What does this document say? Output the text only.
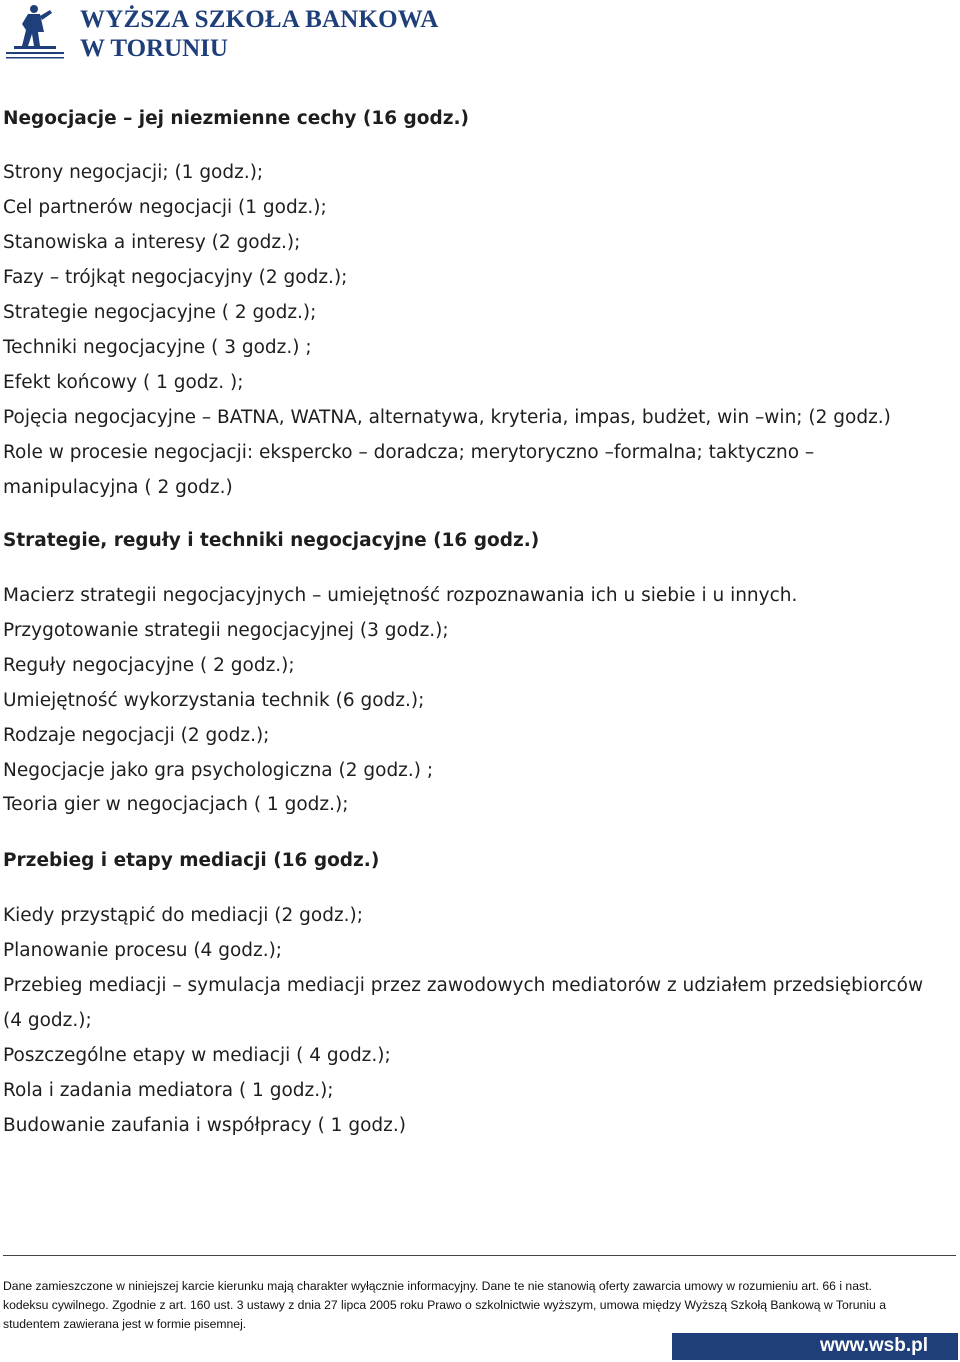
WYŻSZA SZKOŁA BANKOWA
W TORUNIU
Negocjacje – jej niezmienne cechy (16 godz.)
Strony negocjacji; (1 godz.);
Cel partnerów negocjacji (1 godz.);
Stanowiska a interesy (2 godz.);
Fazy – trójkąt negocjacyjny (2 godz.);
Strategie negocjacyjne ( 2 godz.);
Techniki negocjacyjne ( 3 godz.) ;
Efekt końcowy ( 1 godz. );
Pojęcia negocjacyjne – BATNA, WATNA, alternatywa, kryteria, impas, budżet, win –win; (2 godz.)
Role w procesie negocjacji: ekspercko – doradcza; merytoryczno –formalna; taktyczno –
manipulacyjna ( 2 godz.)
Strategie, reguły i techniki negocjacyjne (16 godz.)
Macierz strategii negocjacyjnych – umiejętność rozpoznawania ich u siebie i u innych.
Przygotowanie strategii negocjacyjnej (3 godz.);
Reguły negocjacyjne ( 2 godz.);
Umiejętność wykorzystania technik (6 godz.);
Rodzaje negocjacji (2 godz.);
Negocjacje jako gra psychologiczna (2 godz.) ;
Teoria gier w negocjacjach ( 1 godz.);
Przebieg i etapy mediacji (16 godz.)
Kiedy przystąpić do mediacji (2 godz.);
Planowanie procesu (4 godz.);
Przebieg mediacji – symulacja mediacji przez zawodowych mediatorów z udziałem przedsiębiorców
(4 godz.);
Poszczególne etapy w mediacji ( 4 godz.);
Rola i zadania mediatora ( 1 godz.);
Budowanie zaufania i współpracy ( 1 godz.)
Dane zamieszczone w niniejszej karcie kierunku mają charakter wyłącznie informacyjny. Dane te nie stanowią oferty zawarcia umowy w rozumieniu art. 66 i nast.
kodeksu cywilnego. Zgodnie z art. 160 ust. 3 ustawy z dnia 27 lipca 2005 roku Prawo o szkolnictwie wyższym, umowa między Wyższą Szkołą Bankową w Toruniu a
studentem zawierana jest w formie pisemnej.
www.wsb.pl
